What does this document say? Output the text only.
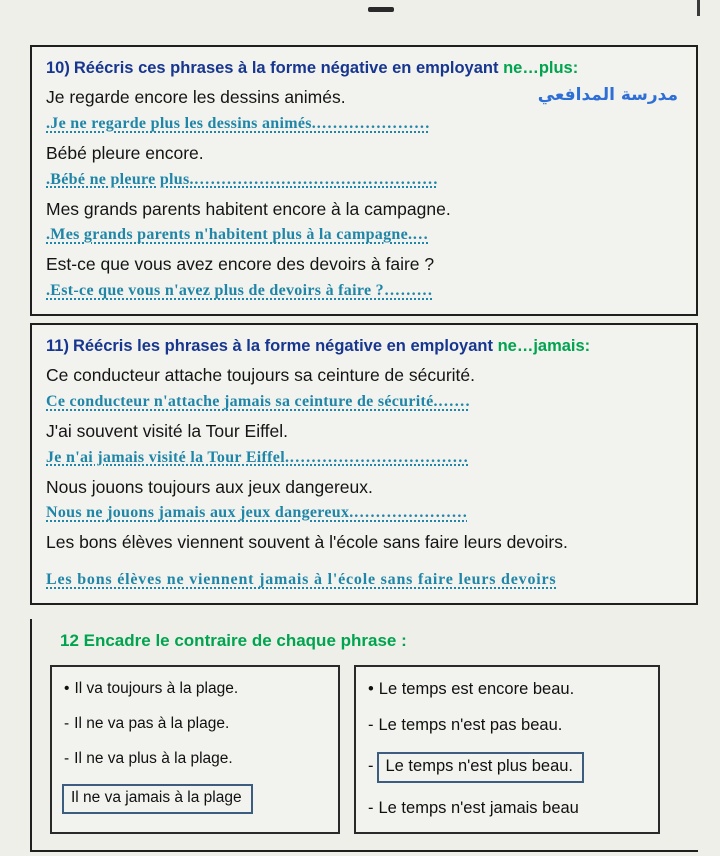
10) Réécris ces phrases à la forme négative en employant ne…plus:
مدرسة المدافعي

Je regarde encore les dessins animés.

.Je ne regarde plus les dessins animés.…………………

Bébé pleure encore.

.Bébé ne pleure plus.………………………………………

Mes grands parents habitent encore à la campagne.

.Mes grands parents n'habitent plus à la campagne.…

Est-ce que vous avez encore des devoirs à faire ?

.Est-ce que vous n'avez plus de devoirs à faire ?………

11) Réécris les phrases à la forme négative en employant ne…jamais:

Ce conducteur attache toujours sa ceinture de sécurité.

Ce conducteur n'attache jamais sa ceinture de sécurité.……

J'ai souvent visité la Tour Eiffel.

Je n'ai jamais visité la Tour Eiffel.……………………………

Nous jouons toujours aux jeux dangereux.

Nous ne jouons jamais aux jeux dangereux.…………………

Les bons élèves viennent souvent à l'école sans faire leurs devoirs.

Les bons élèves ne viennent jamais à l'école sans faire leurs devoirs

12 Encadre le contraire de chaque phrase :

• Il va toujours à la plage.

- Il ne va pas à la plage.

- Il ne va plus à la plage.

Il ne va jamais à la plage

• Le temps est encore beau.

- Le temps n'est pas beau.

- Le temps n'est plus beau.

- Le temps n'est jamais beau
